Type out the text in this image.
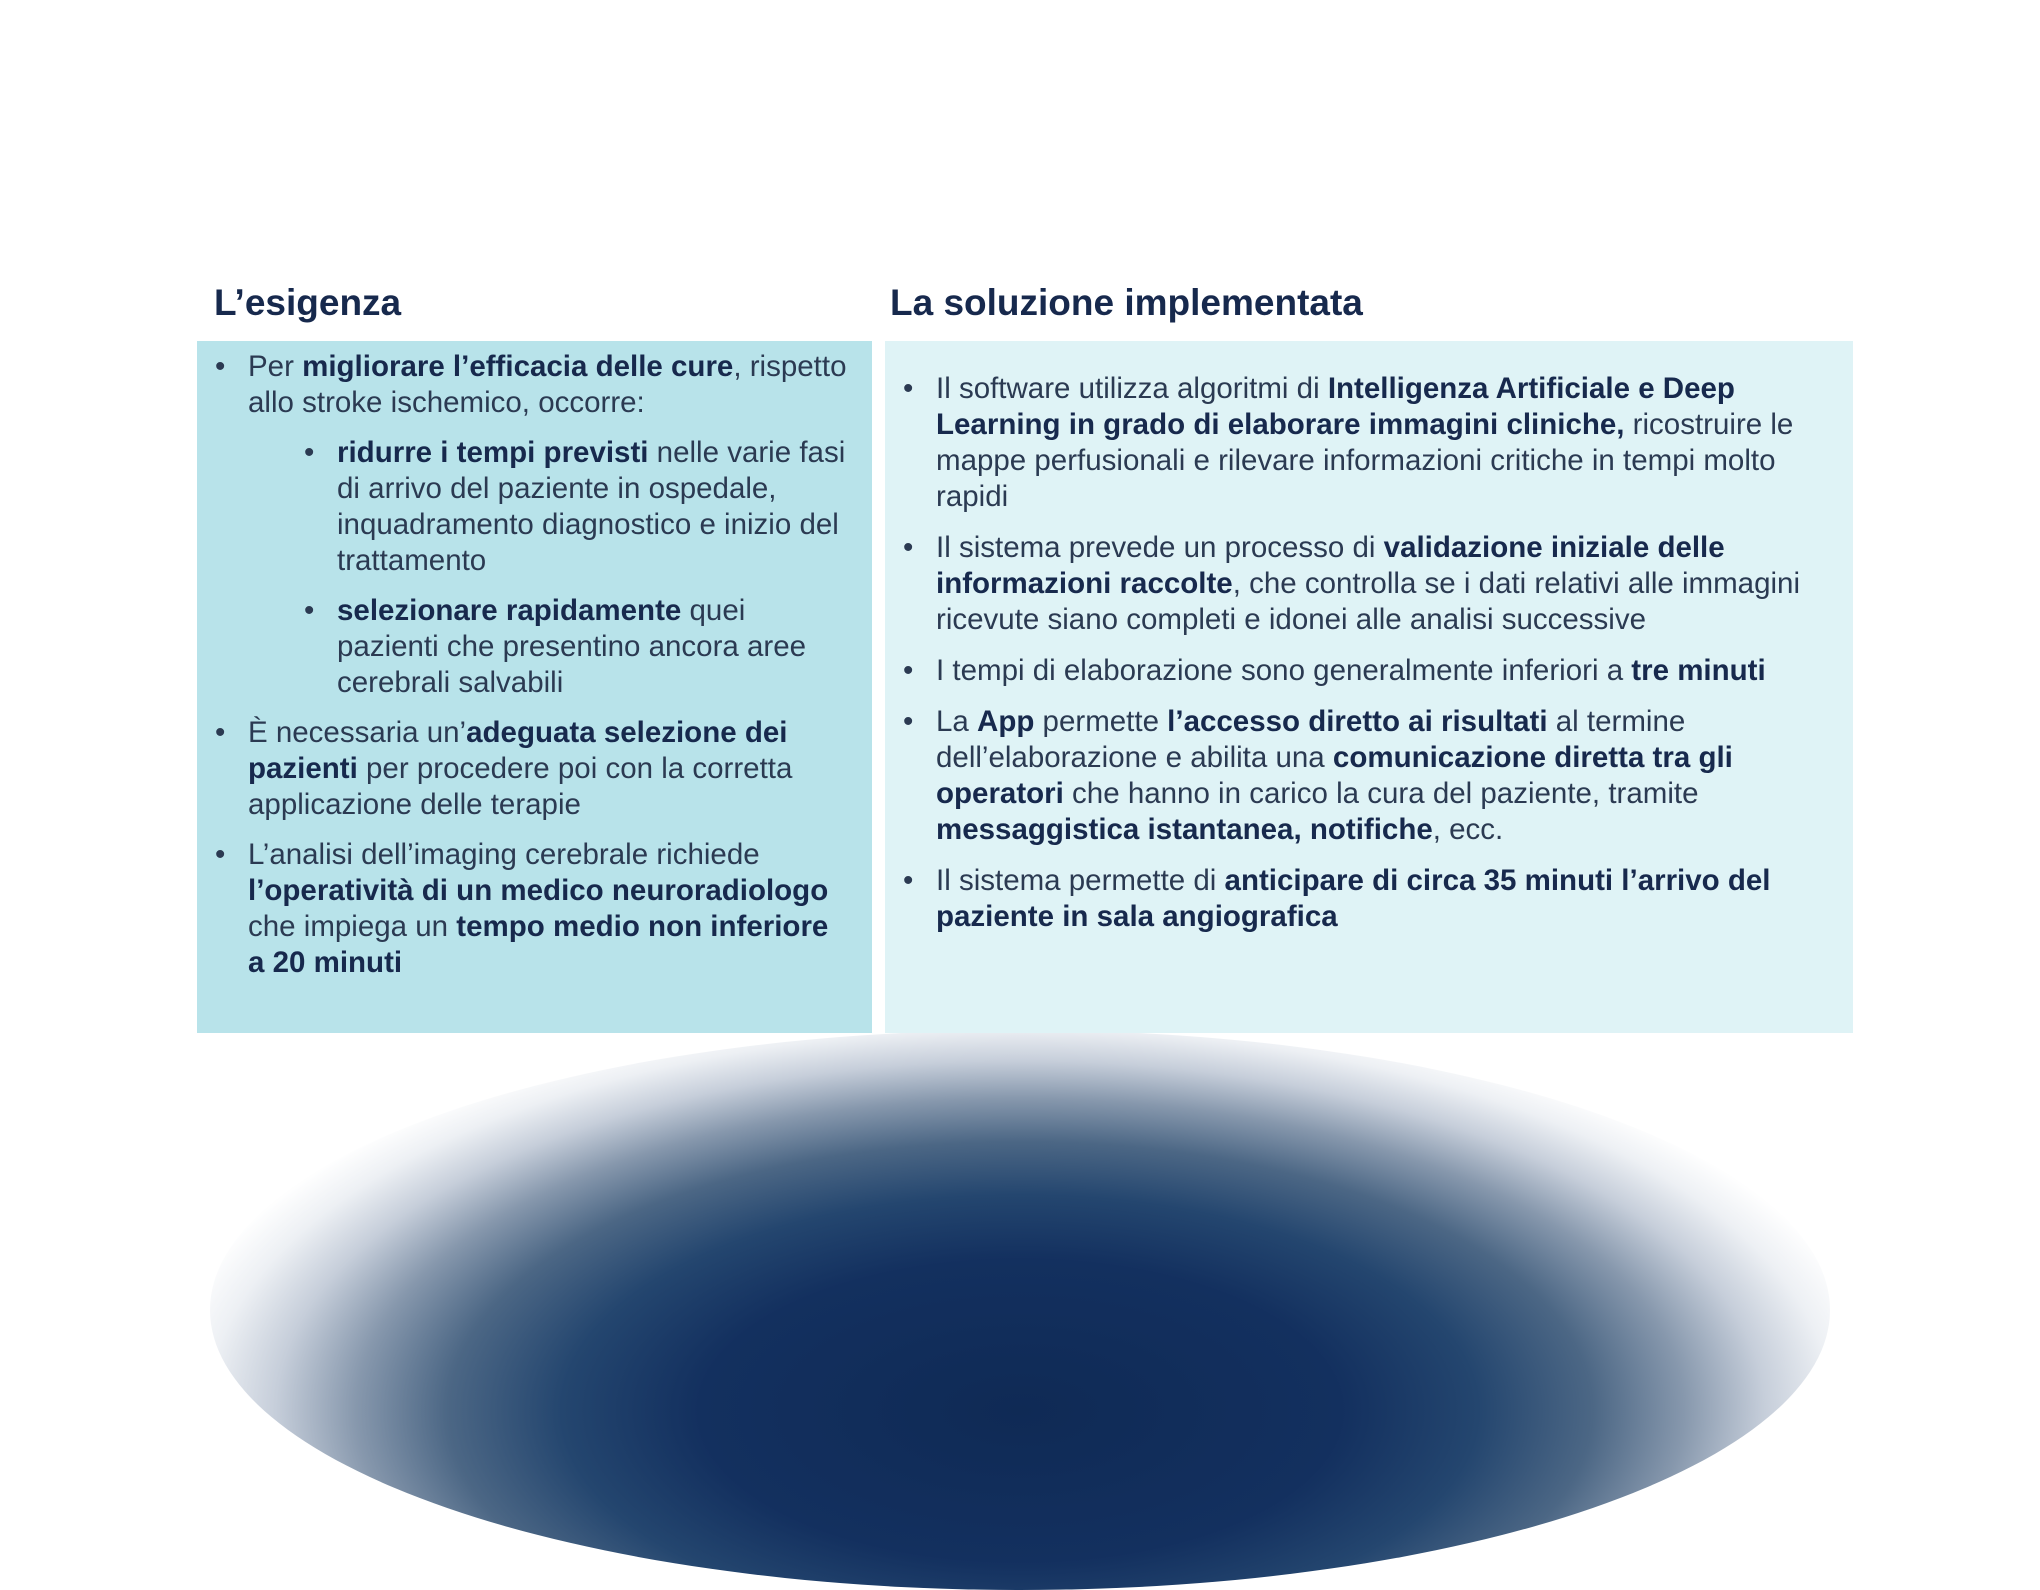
L’esigenza	La soluzione implementata
• Per migliorare l’efficacia delle cure, rispetto allo stroke ischemico, occorre:
• ridurre i tempi previsti nelle varie fasi di arrivo del paziente in ospedale, inquadramento diagnostico e inizio del trattamento
• selezionare rapidamente quei pazienti che presentino ancora aree cerebrali salvabili
• È necessaria un’adeguata selezione dei pazienti per procedere poi con la corretta applicazione delle terapie
• L’analisi dell’imaging cerebrale richiede l’operatività di un medico neuroradiologo che impiega un tempo medio non inferiore a 20 minuti
• Il software utilizza algoritmi di Intelligenza Artificiale e Deep Learning in grado di elaborare immagini cliniche, ricostruire le mappe perfusionali e rilevare informazioni critiche in tempi molto rapidi
• Il sistema prevede un processo di validazione iniziale delle informazioni raccolte, che controlla se i dati relativi alle immagini ricevute siano completi e idonei alle analisi successive
• I tempi di elaborazione sono generalmente inferiori a tre minuti
• La App permette l’accesso diretto ai risultati al termine dell’elaborazione e abilita una comunicazione diretta tra gli operatori che hanno in carico la cura del paziente, tramite messaggistica istantanea, notifiche, ecc.
• Il sistema permette di anticipare di circa 35 minuti l’arrivo del paziente in sala angiografica
